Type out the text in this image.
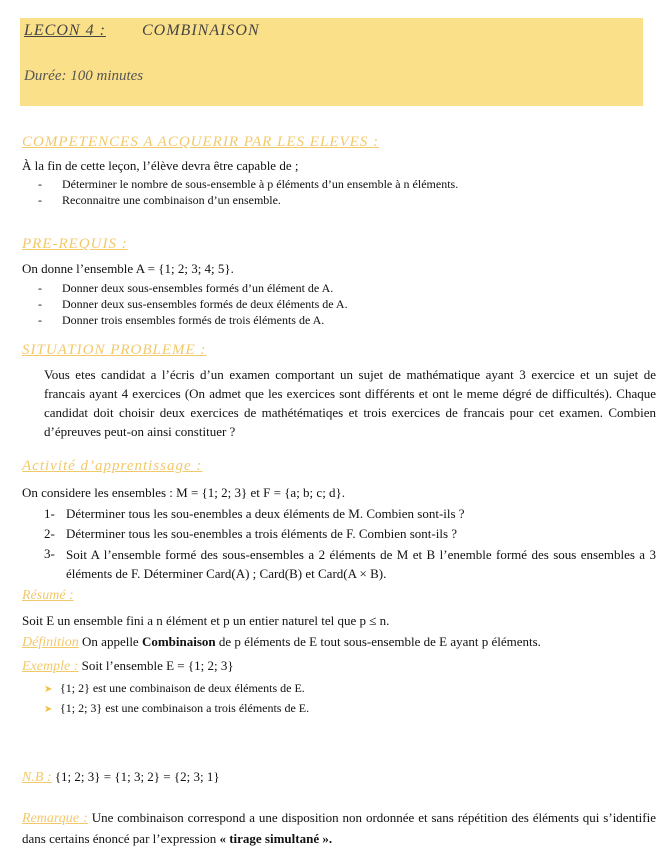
LECON 4 : COMBINAISON
Durée: 100 minutes
COMPETENCES A ACQUERIR PAR LES ELEVES :
À la fin de cette leçon, l’élève devra être capable de ;
- Déterminer le nombre de sous-ensemble à p éléments d’un ensemble à n éléments.
- Reconnaitre une combinaison d’un ensemble.
PRE-REQUIS :
On donne l’ensemble A = {1; 2; 3; 4; 5}.
- Donner deux sous-ensembles formés d’un élément de A.
- Donner deux sus-ensembles formés de deux éléments de A.
- Donner trois ensembles formés de trois éléments de A.
SITUATION PROBLEME :
Vous etes candidat a l’écris d’un examen comportant un sujet de mathématique ayant 3 exercice et un sujet de francais ayant 4 exercices (On admet que les exercices sont différents et ont le meme dégré de difficultés). Chaque candidat doit choisir deux exercices de mathétématiqes et trois exercices de francais pour cet examen. Combien d’épreuves peut-on ainsi constituer ?
Activité d’apprentissage :
On considere les ensembles : M = {1; 2; 3} et F = {a; b; c; d}.
1- Déterminer tous les sou-enembles a deux éléments de M. Combien sont-ils ?
2- Déterminer tous les sou-enembles a trois éléments de F. Combien sont-ils ?
3- Soit A l’ensemble formé des sous-ensembles a 2 éléments de M et B l’enemble formé des sous ensembles a 3 éléments de F. Déterminer Card(A) ; Card(B) et Card(A × B).
Résumé :
Soit E un ensemble fini a n élément et p un entier naturel tel que p ≤ n.
Définition On appelle Combinaison de p éléments de E tout sous-ensemble de E ayant p éléments.
Exemple : Soit l’ensemble E = {1; 2; 3}
➤ {1; 2} est une combinaison de deux éléments de E.
➤ {1; 2; 3} est une combinaison a trois éléments de E.
N.B : {1; 2; 3} = {1; 3; 2} = {2; 3; 1}
Remarque : Une combinaison correspond a une disposition non ordonnée et sans répétition des éléments qui s’identifie dans certains énoncé par l’expression « tirage simultané ».
